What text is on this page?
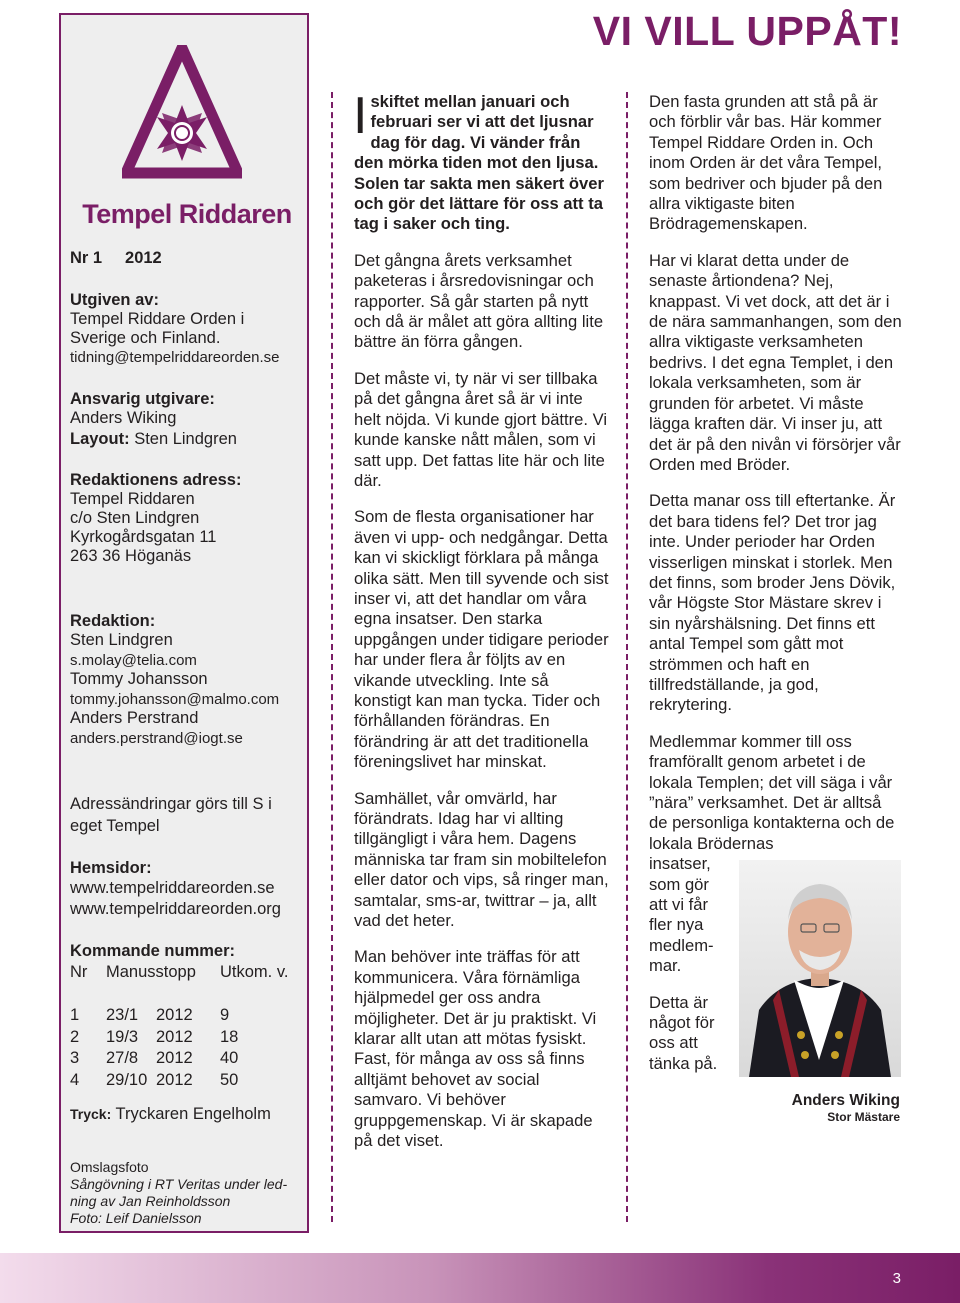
VI VILL UPPÅT!
Tempel Riddaren
Nr 1 2012
Utgiven av:
Tempel Riddare Orden i
Sverige och Finland.
tidning@tempelriddareorden.se
Ansvarig utgivare:
Anders Wiking
Layout: Sten Lindgren
Redaktionens adress:
Tempel Riddaren
c/o Sten Lindgren
Kyrkogårdsgatan 11
263 36 Höganäs
Redaktion:
Sten Lindgren
s.molay@telia.com
Tommy Johansson
tommy.johansson@malmo.com
Anders Perstrand
anders.perstrand@iogt.se
Adressändringar görs till S i
eget Tempel
Hemsidor:
www.tempelriddareorden.se
www.tempelriddareorden.org
Kommande nummer:
Nr Manusstopp Utkom. v.
1 23/1 2012 9
2 19/3 2012 18
3 27/8 2012 40
4 29/10 2012 50
Tryck: Tryckaren Engelholm
Omslagsfoto
Sångövning i RT Veritas under led-
ning av Jan Reinholdsson
Foto: Leif Danielsson

Iskiftet mellan januari och februari ser vi att det ljusnar dag för dag. Vi vänder från den mörka tiden mot den ljusa. Solen tar sakta men säkert över och gör det lättare för oss att ta tag i saker och ting.

Det gångna årets verksamhet paketeras i årsredovisningar och rapporter. Så går starten på nytt och då är målet att göra allting lite bättre än förra gången.

Det måste vi, ty när vi ser tillbaka på det gångna året så är vi inte helt nöjda. Vi kunde gjort bättre. Vi kunde kanske nått målen, som vi satt upp. Det fattas lite här och lite där.

Som de flesta organisationer har även vi upp- och nedgångar. Detta kan vi skickligt förklara på många olika sätt. Men till syvende och sist inser vi, att det handlar om våra egna insatser. Den starka uppgången under tidigare perioder har under flera år följts av en vikande utveckling. Inte så konstigt kan man tycka. Tider och förhållanden förändras. En förändring är att det traditionella föreningslivet har minskat.

Samhället, vår omvärld, har förändrats. Idag har vi allting tillgängligt i våra hem. Dagens människa tar fram sin mobiltelefon eller dator och vips, så ringer man, samtalar, sms-ar, twittrar – ja, allt vad det heter.

Man behöver inte träffas för att kommunicera. Våra förnämliga hjälpmedel ger oss andra möjligheter. Det är ju praktiskt. Vi klarar allt utan att mötas fysiskt. Fast, för många av oss så finns alltjämt behovet av social samvaro. Vi behöver gruppgemenskap. Vi är skapade på det viset.

Den fasta grunden att stå på är och förblir vår bas. Här kommer Tempel Riddare Orden in. Och inom Orden är det våra Tempel, som bedriver och bjuder på den allra viktigaste biten Brödragemenskapen.

Har vi klarat detta under de senaste årtiondena? Nej, knappast. Vi vet dock, att det är i de nära sammanhangen, som den allra viktigaste verksamheten bedrivs. I det egna Templet, i den lokala verksamheten, som är grunden för arbetet. Vi måste lägga kraften där. Vi inser ju, att det är på den nivån vi försörjer vår Orden med Bröder.

Detta manar oss till eftertanke. Är det bara tidens fel? Det tror jag inte. Under perioder har Orden visserligen minskat i storlek. Men det finns, som broder Jens Dövik, vår Högste Stor Mästare skrev i sin nyårshälsning. Det finns ett antal Tempel som gått mot strömmen och haft en tillfredställande, ja god, rekrytering.

Medlemmar kommer till oss framförallt genom arbetet i de lokala Templen; det vill säga i vår ”nära” verksamhet. Det är alltså de personliga kontakterna och de lokala Brödernas

insatser,
som gör
att vi får
fler nya
medlem-
mar.
Detta är
något för
oss att
tänka på.
Anders Wiking
Stor Mästare
3
